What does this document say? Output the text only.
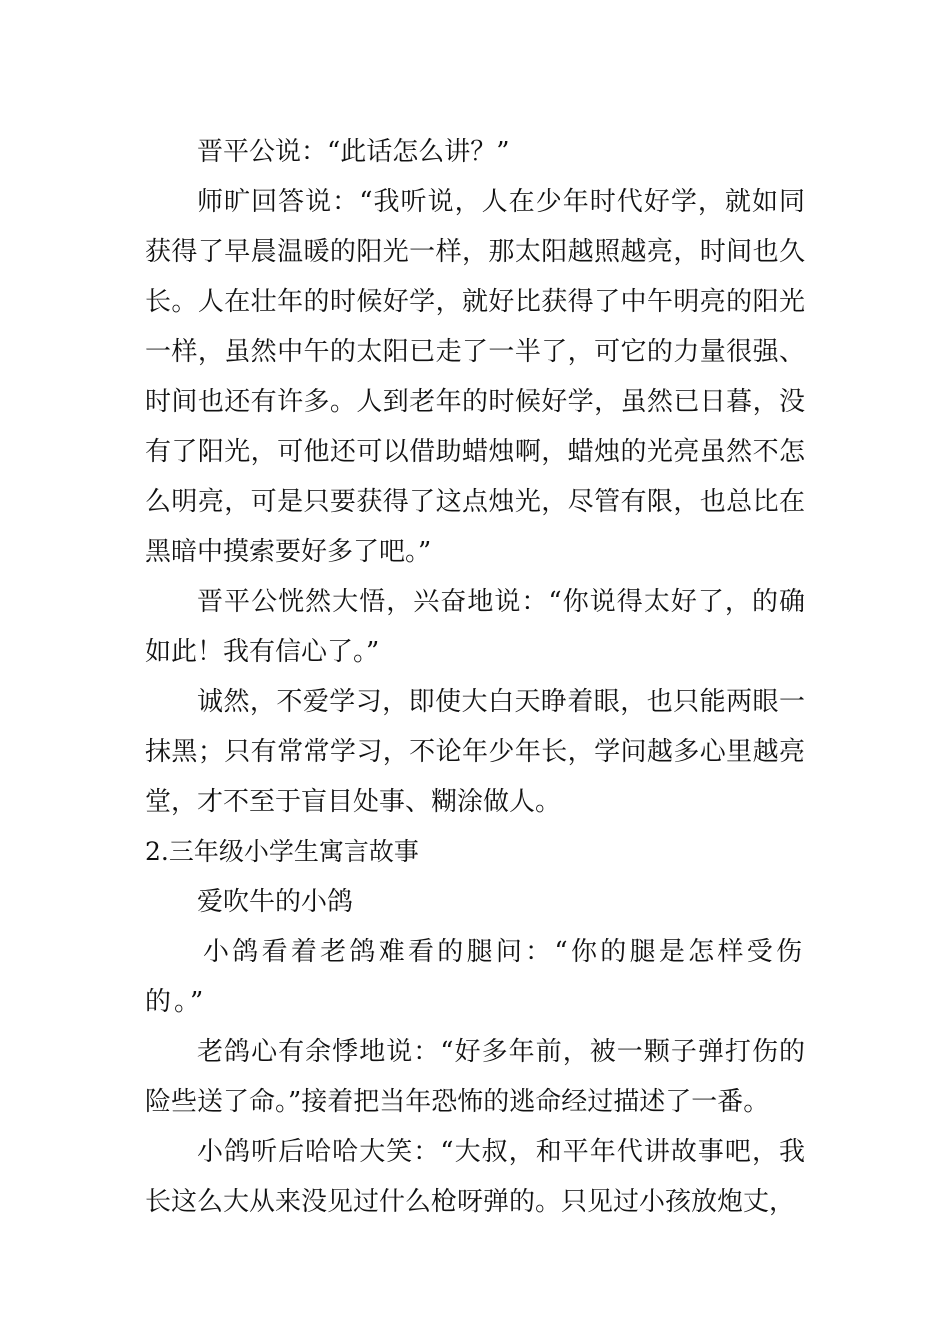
晋平公说：“此话怎么讲？”

师旷回答说：“我听说，人在少年时代好学，就如同获得了早晨温暖的阳光一样，那太阳越照越亮，时间也久长。人在壮年的时候好学，就好比获得了中午明亮的阳光一样，虽然中午的太阳已走了一半了，可它的力量很强、时间也还有许多。人到老年的时候好学，虽然已日暮，没有了阳光，可他还可以借助蜡烛啊，蜡烛的光亮虽然不怎么明亮，可是只要获得了这点烛光，尽管有限，也总比在黑暗中摸索要好多了吧。”

晋平公恍然大悟，兴奋地说：“你说得太好了，的确如此！我有信心了。”

诚然，不爱学习，即使大白天睁着眼，也只能两眼一抹黑；只有常常学习，不论年少年长，学问越多心里越亮堂，才不至于盲目处事、糊涂做人。

2.三年级小学生寓言故事

爱吹牛的小鸽

小鸽看着老鸽难看的腿问：“你的腿是怎样受伤的。”

老鸽心有余悸地说：“好多年前，被一颗子弹打伤的险些送了命。”接着把当年恐怖的逃命经过描述了一番。

小鸽听后哈哈大笑：“大叔，和平年代讲故事吧，我长这么大从来没见过什么枪呀弹的。只见过小孩放炮丈，
